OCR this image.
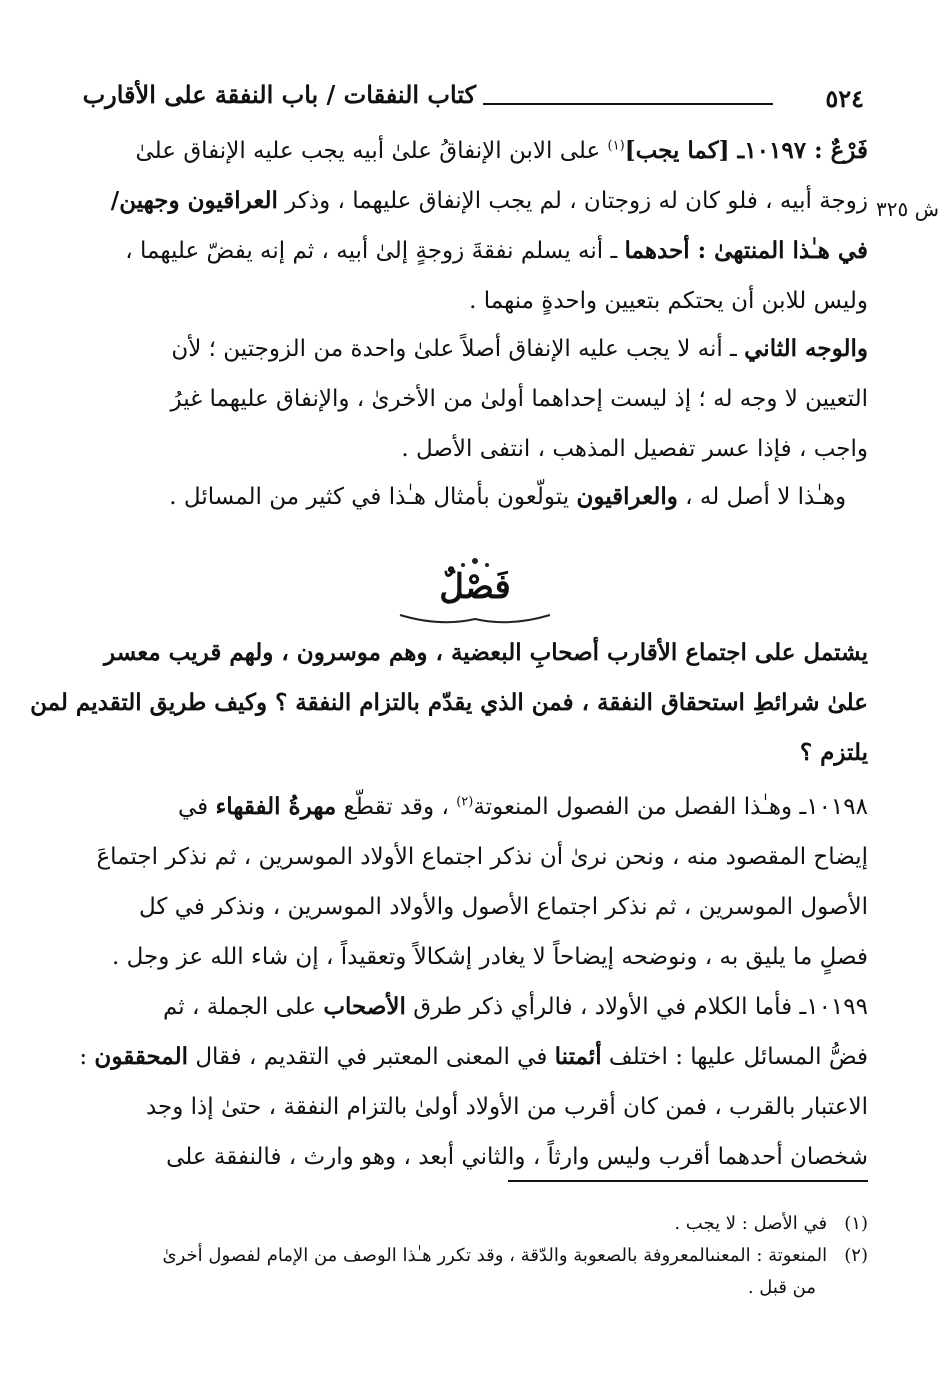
٥٢٤
كتاب النفقات / باب النفقة على الأقارب
ش ٣٢٥
فَرْعٌ : ١٠١٩٧ـ [كما يجب]$^{(١)}$ على الابن الإنفاقُ علىٰ أبيه يجب عليه الإنفاق علىٰ
زوجة أبيه ، فلو كان له زوجتان ، لم يجب الإنفاق عليهما ، وذكر العراقيون وجهين/
في هـٰذا المنتهىٰ : أحدهما ـ أنه يسلم نفقةَ زوجةٍ إلىٰ أبيه ، ثم إنه يفضّ عليهما ،
وليس للابن أن يحتكم بتعيين واحدةٍ منهما .
والوجه الثاني ـ أنه لا يجب عليه الإنفاق أصلاً علىٰ واحدة من الزوجتين ؛ لأن
التعيين لا وجه له ؛ إذ ليست إحداهما أولىٰ من الأخرىٰ ، والإنفاق عليهما غيرُ
واجب ، فإذا عسر تفصيل المذهب ، انتفى الأصل .
وهـٰذا لا أصل له ، والعراقيون يتولّعون بأمثال هـٰذا في كثير من المسائل .
فَصْلٌ
يشتمل على اجتماع الأقارب أصحابِ البعضية ، وهم موسرون ، ولهم قريب معسر
علىٰ شرائطِ استحقاق النفقة ، فمن الذي يقدّم بالتزام النفقة ؟ وكيف طريق التقديم لمن
يلتزم ؟
١٠١٩٨ـ وهـٰذا الفصل من الفصول المنعوتة$^{(٢)}$ ، وقد تقطّع مهرةُ الفقهاء في
إيضاح المقصود منه ، ونحن نرىٰ أن نذكر اجتماع الأولاد الموسرين ، ثم نذكر اجتماعَ
الأصول الموسرين ، ثم نذكر اجتماع الأصول والأولاد الموسرين ، ونذكر في كل
فصلٍ ما يليق به ، ونوضحه إيضاحاً لا يغادر إشكالاً وتعقيداً ، إن شاء الله عز وجل .
١٠١٩٩ـ فأما الكلام في الأولاد ، فالرأي ذكر طرق الأصحاب على الجملة ، ثم
فضُّ المسائل عليها : اختلف أئمتنا في المعنى المعتبر في التقديم ، فقال المحققون :
الاعتبار بالقرب ، فمن كان أقرب من الأولاد أولىٰ بالتزام النفقة ، حتىٰ إذا وجد
شخصان أحدهما أقرب وليس وارثاً ، والثاني أبعد ، وهو وارث ، فالنفقة على
(١)   في الأصل : لا يجب .
(٢)   المنعوتة : المعنىالمعروفة بالصعوبة والدّقة ، وقد تكرر هـٰذا الوصف من الإمام لفصول أخرىٰ
من قبل .
